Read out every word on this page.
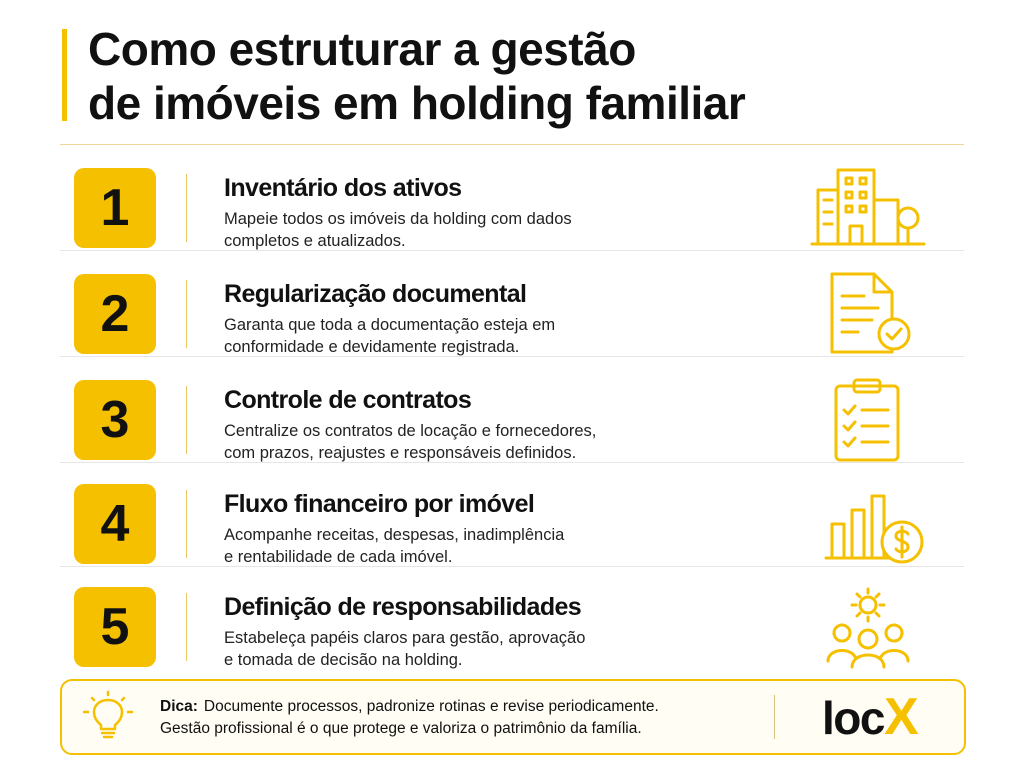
Como estruturar a gestão
de imóveis em holding familiar
1	Inventário dos ativos
Mapeie todos os imóveis da holding com dados
completos e atualizados.
2	Regularização documental
Garanta que toda a documentação esteja em
conformidade e devidamente registrada.
3	Controle de contratos
Centralize os contratos de locação e fornecedores,
com prazos, reajustes e responsáveis definidos.
4	Fluxo financeiro por imóvel
Acompanhe receitas, despesas, inadimplência
e rentabilidade de cada imóvel.
5	Definição de responsabilidades
Estabeleça papéis claros para gestão, aprovação
e tomada de decisão na holding.
Dica: Documente processos, padronize rotinas e revise periodicamente.
Gestão profissional é o que protege e valoriza o patrimônio da família.	locX
